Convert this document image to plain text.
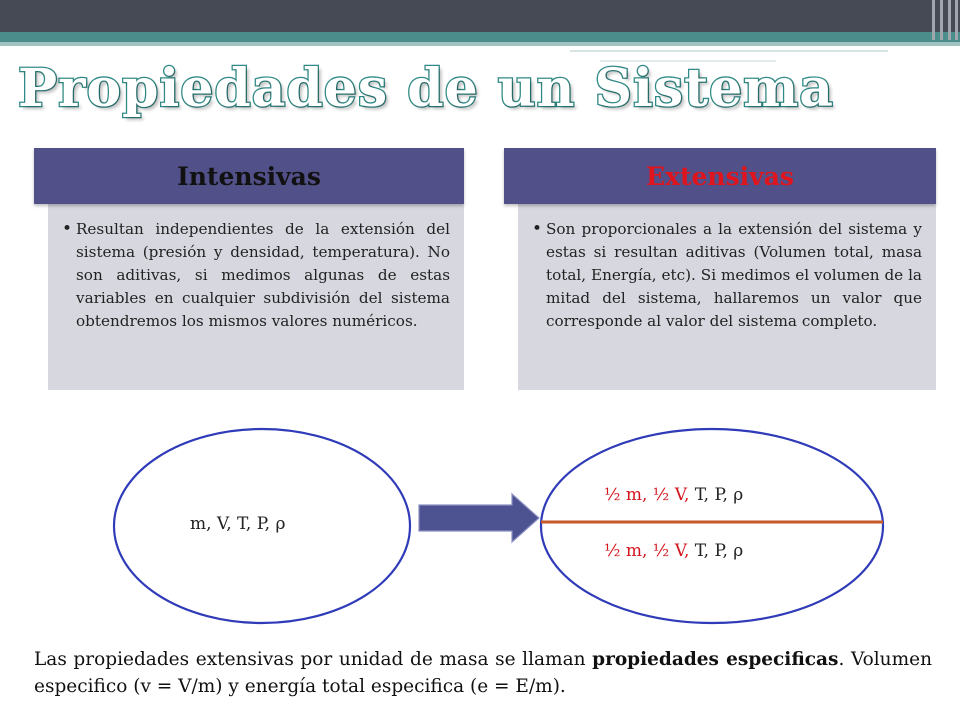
Propiedades de un Sistema
• Resultan independientes de la extensión del sistema (presión y densidad, temperatura). No son aditivas, si medimos algunas de estas variables en cualquier subdivisión del sistema obtendremos los mismos valores numéricos.
Intensivas
• Son proporcionales a la extensión del sistema y estas si resultan aditivas (Volumen total, masa total, Energía, etc). Si medimos el volumen de la mitad del sistema, hallaremos un valor que corresponde al valor del sistema completo.
Extensivas
m, V, T, P, ρ
½ m, ½ V, T, P, ρ
½ m, ½ V, T, P, ρ
Las propiedades extensivas por unidad de masa se llaman propiedades especificas. Volumen especifico (v = V/m) y energía total especifica (e = E/m).
